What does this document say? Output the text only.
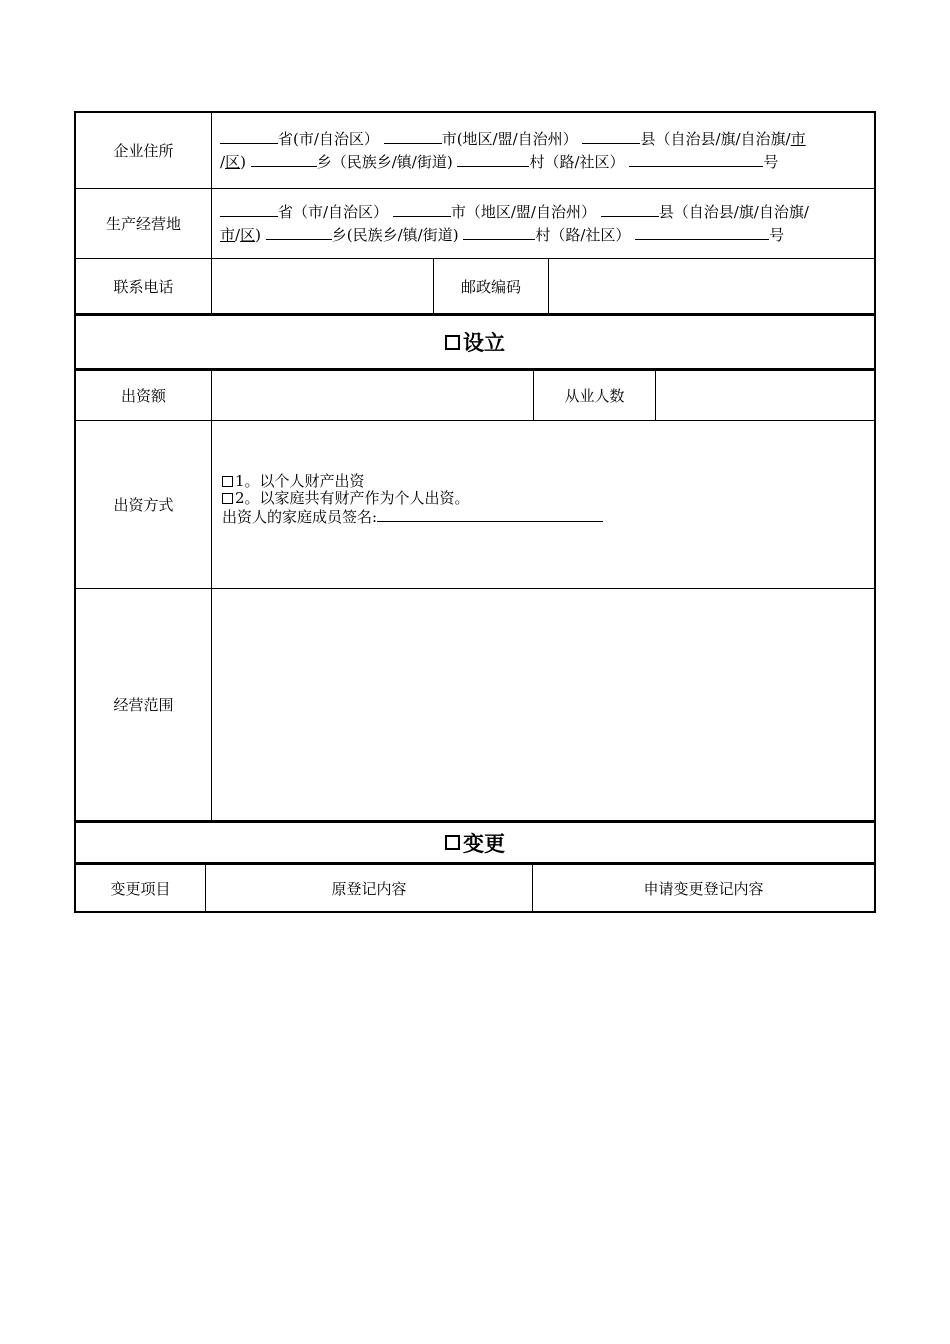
企业住所
省(市/自治区）	市(地区/盟/自治州）	县（自治县/旗/自治旗/市
/区)	乡（民族乡/镇/街道)	村（路/社区）	号
生产经营地
省（市/自治区）	市（地区/盟/自治州）	县（自治县/旗/自治旗/
市/区)	乡(民族乡/镇/街道)	村（路/社区）	号
联系电话	邮政编码
设立
出资额	从业人数
出资方式
1。以个人财产出资
2。以家庭共有财产作为个人出资。
出资人的家庭成员签名:
经营范围
变更
变更项目	原登记内容	申请变更登记内容
